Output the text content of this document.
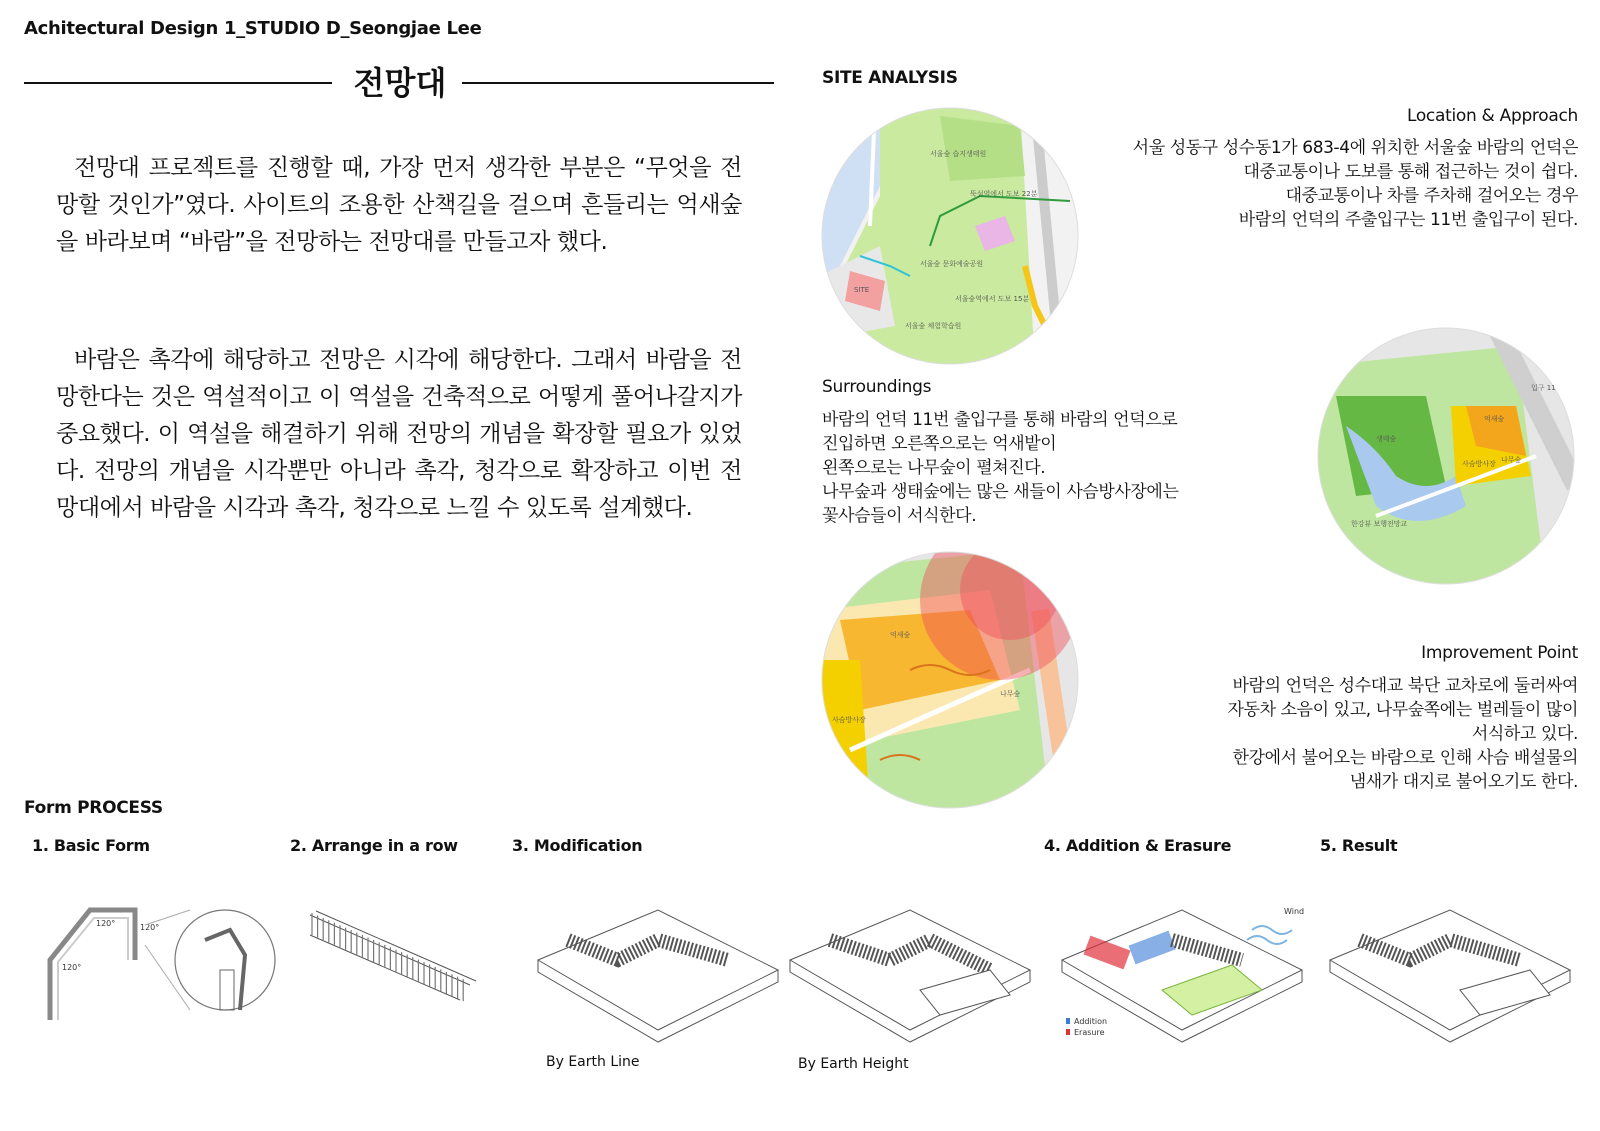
Achitectural Design 1_STUDIO D_Seongjae Lee
전망대
전망대 프로젝트를 진행할 때, 가장 먼저 생각한 부분은 “무엇을 전망할 것인가”였다. 사이트의 조용한 산책길을 걸으며 흔들리는 억새숲을 바라보며 “바람”을 전망하는 전망대를 만들고자 했다.
바람은 촉각에 해당하고 전망은 시각에 해당한다. 그래서 바람을 전망한다는 것은 역설적이고 이 역설을 건축적으로 어떻게 풀어나갈지가 중요했다. 이 역설을 해결하기 위해 전망의 개념을 확장할 필요가 있었다. 전망의 개념을 시각뿐만 아니라 촉각, 청각으로 확장하고 이번 전망대에서 바람을 시각과 촉각, 청각으로 느낄 수 있도록 설계했다.
SITE ANALYSIS
SITE
서울숲 문화예술공원
서울숲 습지생태원
서울숲 체험학습원
뚝섬역에서 도보 22분
서울숲역에서 도보 15분
Location & Approach
서울 성동구 성수동1가 683-4에 위치한 서울숲 바람의 언덕은
대중교통이나 도보를 통해 접근하는 것이 쉽다.
대중교통이나 차를 주차해 걸어오는 경우
바람의 언덕의 주출입구는 11번 출입구이 된다.
Surroundings
바람의 언덕 11번 출입구를 통해 바람의 언덕으로
진입하면 오른쪽으로는 억새밭이
왼쪽으로는 나무숲이 펼쳐진다.
나무숲과 생태숲에는 많은 새들이 사슴방사장에는
꽃사슴들이 서식한다.
생태숲
억새숲
사슴방사장 나무숲
입구 11
한강뷰 보행전망교
억새숲
나무숲
사슴방사장
Improvement Point
바람의 언덕은 성수대교 북단 교차로에 둘러싸여
자동차 소음이 있고, 나무숲쪽에는 벌레들이 많이
서식하고 있다.
한강에서 불어오는 바람으로 인해 사슴 배설물의
냄새가 대지로 불어오기도 한다.
Form PROCESS
1. Basic Form	2. Arrange in a row	3. Modification	4. Addition & Erasure	5. Result
120°	120°
120°
By Earth Line	By Earth Height
Wind
Addition
Erasure
